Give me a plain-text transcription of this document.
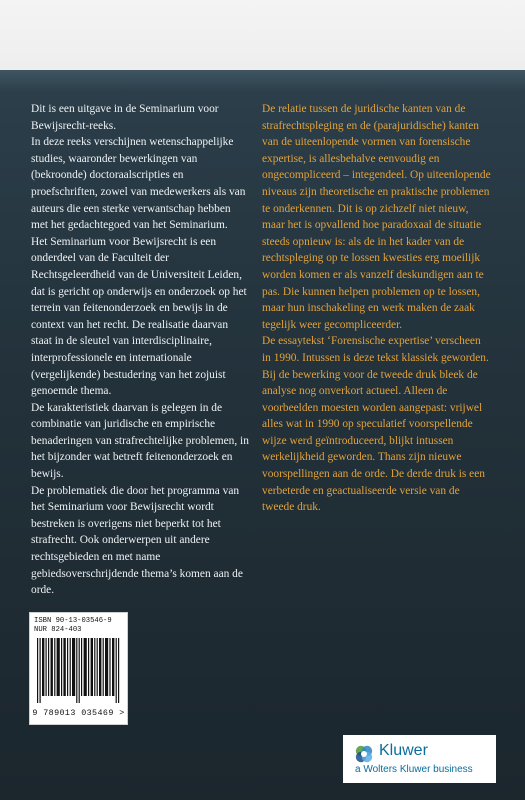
Dit is een uitgave in de Seminarium voor Bewijsrecht-reeks.

In deze reeks verschijnen wetenschappelijke studies, waaronder bewerkingen van (bekroonde) doctoraalscripties en proefschriften, zowel van medewerkers als van auteurs die een sterke verwantschap hebben met het gedachtegoed van het Seminarium.

Het Seminarium voor Bewijsrecht is een onderdeel van de Faculteit der Rechtsgeleerdheid van de Universiteit Leiden, dat is gericht op onderwijs en onderzoek op het terrein van feitenonderzoek en bewijs in de context van het recht. De realisatie daarvan staat in de sleutel van interdisciplinaire, interprofessionele en internationale (vergelijkende) bestudering van het zojuist genoemde thema.

De karakteristiek daarvan is gelegen in de combinatie van juridische en empirische benaderingen van strafrechtelijke problemen, in het bijzonder wat betreft feitenonderzoek en bewijs.

De problematiek die door het programma van het Seminarium voor Bewijsrecht wordt bestreken is overigens niet beperkt tot het strafrecht. Ook onderwerpen uit andere rechtsgebieden en met name gebiedsoverschrijdende thema’s komen aan de orde.

De relatie tussen de juridische kanten van de strafrechtspleging en de (parajuridische) kanten van de uiteenlopende vormen van forensische expertise, is allesbehalve eenvoudig en ongecompliceerd – integendeel. Op uiteenlopende niveaus zijn theoretische en praktische problemen te onderkennen. Dit is op zichzelf niet nieuw, maar het is opvallend hoe paradoxaal de situatie steeds opnieuw is: als de in het kader van de rechtspleging op te lossen kwesties erg moeilijk worden komen er als vanzelf deskundigen aan te pas. Die kunnen helpen problemen op te lossen, maar hun inschakeling en werk maken de zaak tegelijk weer gecompliceerder.

De essaytekst ‘Forensische expertise’ verscheen in 1990. Intussen is deze tekst klassiek geworden. Bij de bewerking voor de tweede druk bleek de analyse nog onverkort actueel. Alleen de voorbeelden moesten worden aangepast: vrijwel alles wat in 1990 op speculatief voorspellende wijze werd geïntroduceerd, blijkt intussen werkelijkheid geworden. Thans zijn nieuwe voorspellingen aan de orde. De derde druk is een verbeterde en geactualiseerde versie van de tweede druk.

ISBN 90-13-03546-9
NUR 824-403
9 789013 035469 >
Kluwer
a Wolters Kluwer business
